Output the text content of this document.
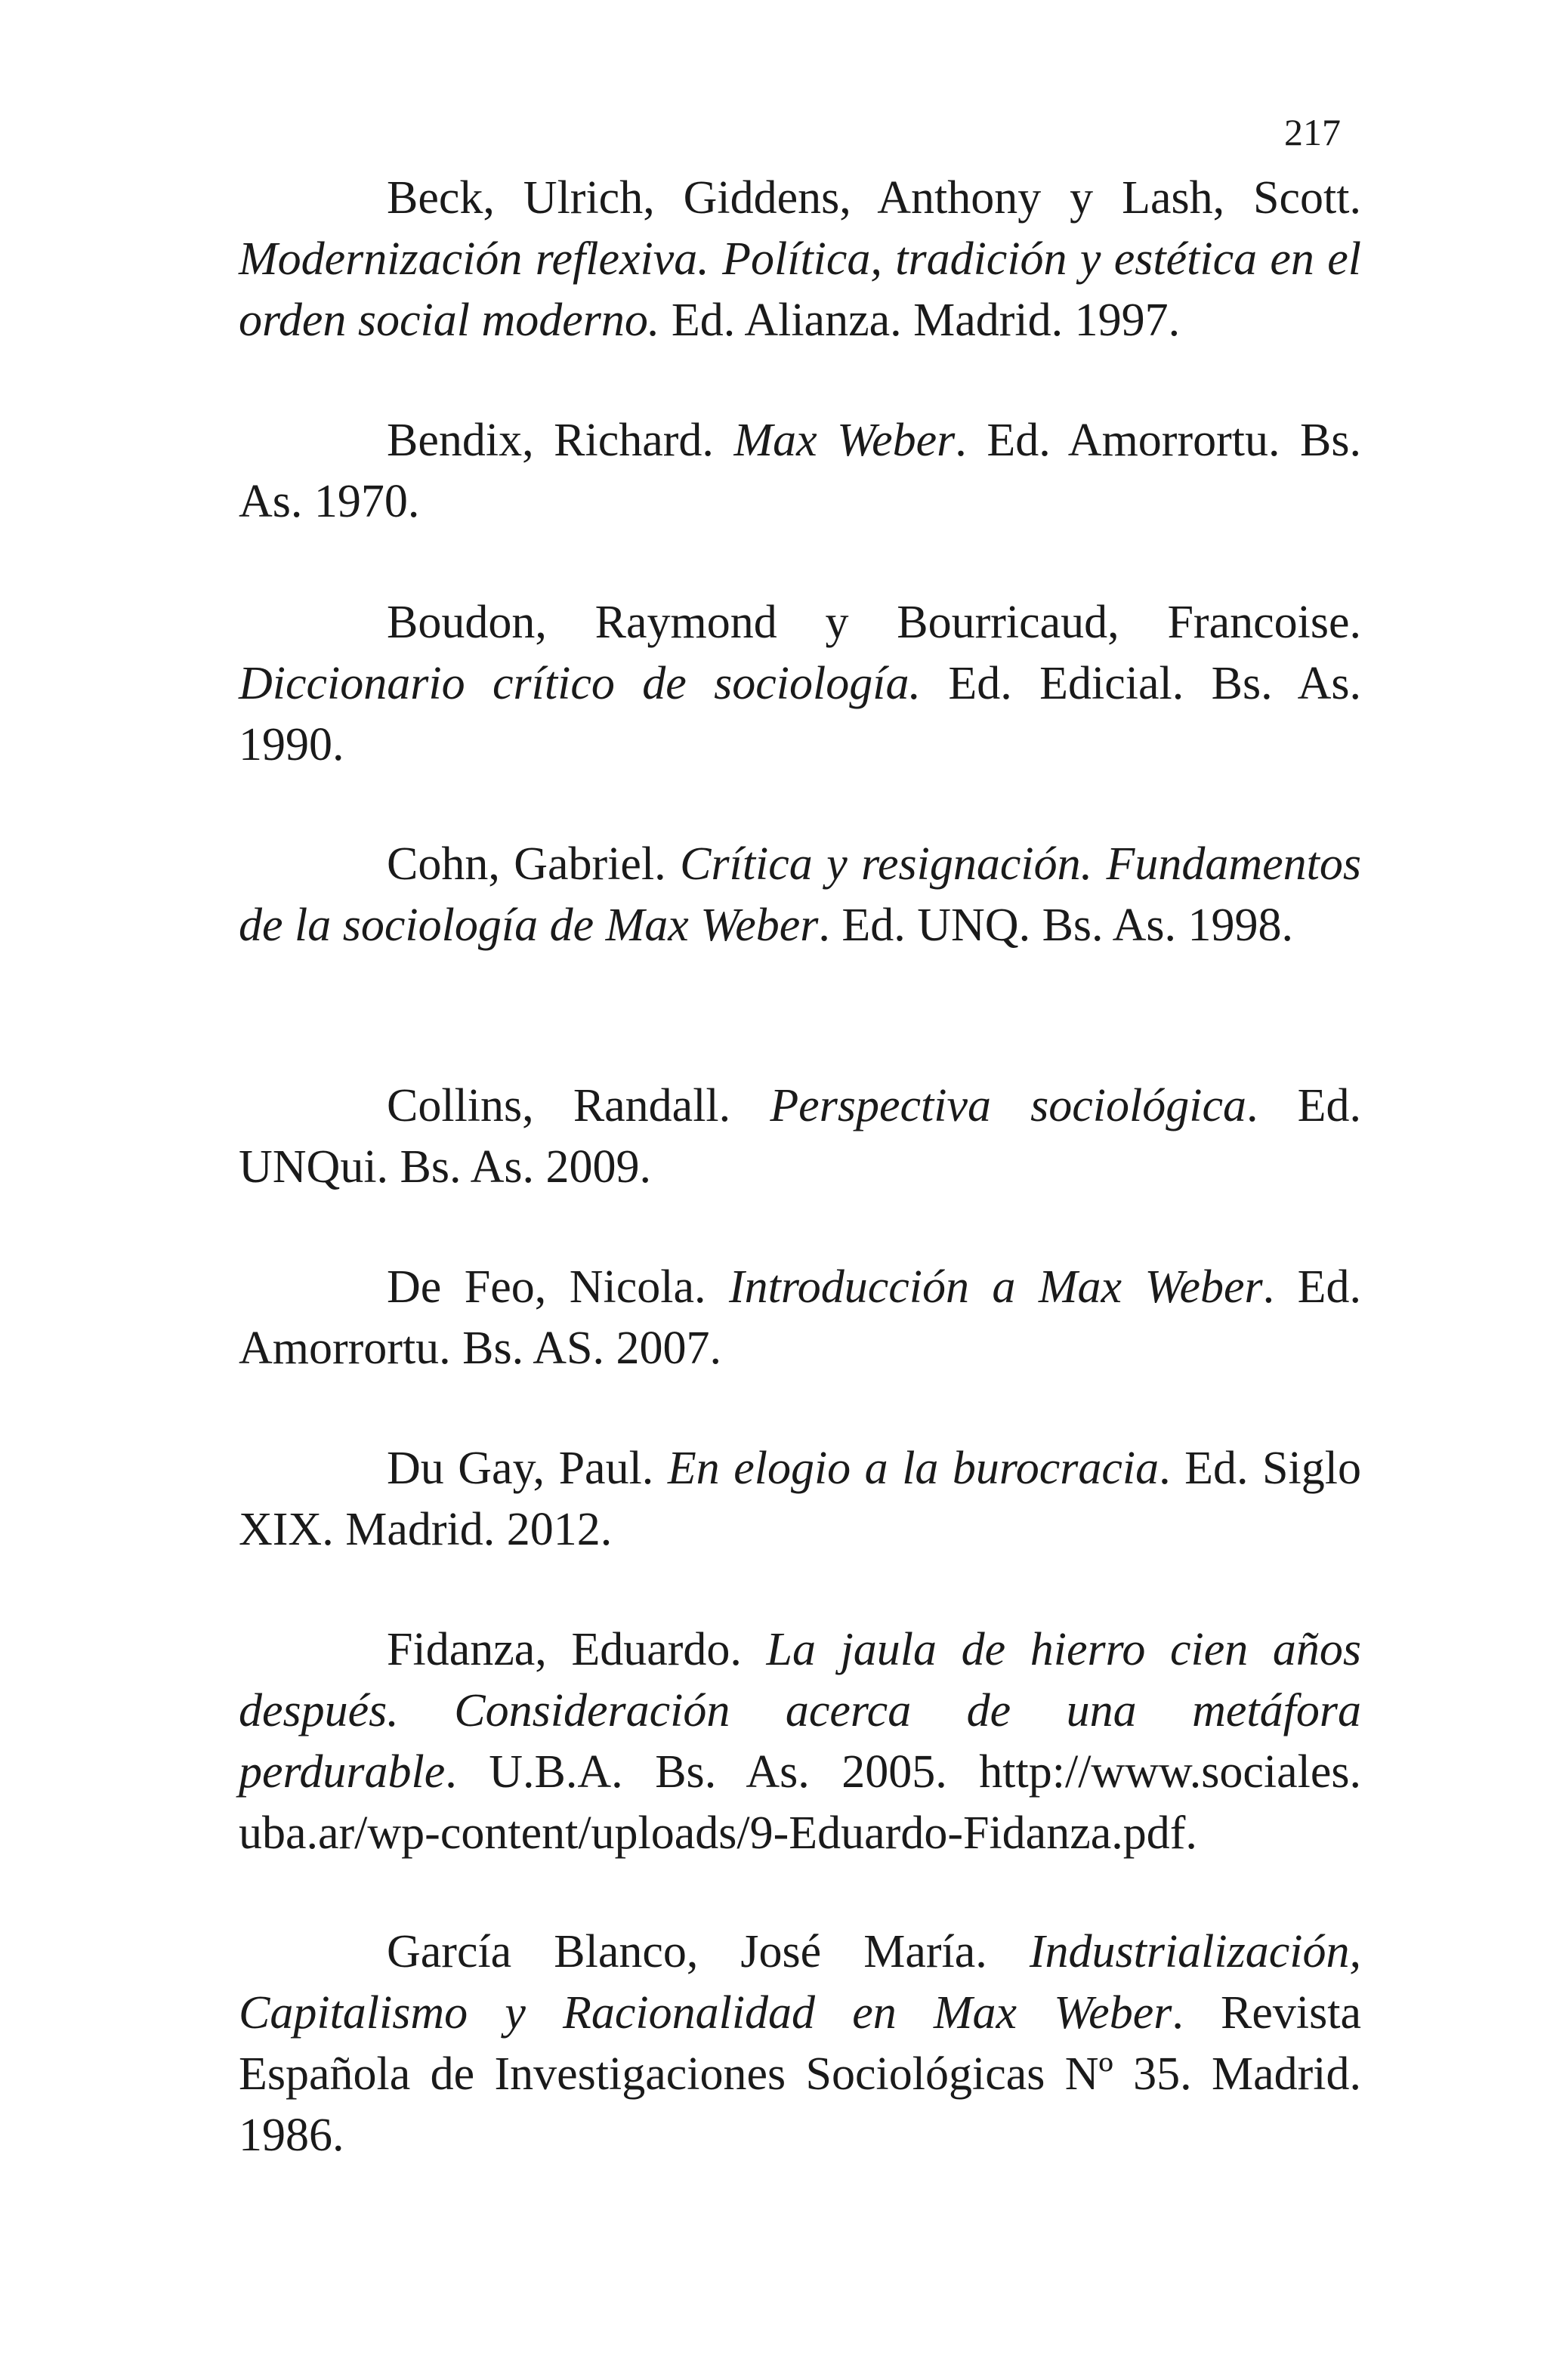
217

Beck, Ulrich, Giddens, Anthony y Lash, Scott. Modernización reflexiva. Política, tradición y estética en el orden social moderno. Ed. Alianza. Madrid. 1997.

Bendix, Richard. Max Weber. Ed. Amorrortu. Bs. As. 1970.

Boudon, Raymond y Bourricaud, Francoise. Diccionario crítico de sociología. Ed. Edicial. Bs. As. 1990.

Cohn, Gabriel. Crítica y resignación. Fundamentos de la sociología de Max Weber. Ed. UNQ. Bs. As. 1998.

Collins, Randall. Perspectiva sociológica. Ed. UNQui. Bs. As. 2009.

De Feo, Nicola. Introducción a Max Weber. Ed. Amorrortu. Bs. AS. 2007.

Du Gay, Paul. En elogio a la burocracia. Ed. Siglo XIX. Madrid. 2012.

Fidanza, Eduardo. La jaula de hierro cien años después. Consideración acerca de una metáfora perdurable. U.B.A. Bs. As. 2005. http://www.sociales. uba.ar/wp-content/uploads/9-Eduardo-Fidanza.pdf.

García Blanco, José María. Industrialización, Capitalismo y Racionalidad en Max Weber. Revista Española de Investigaciones Sociológicas Nº 35. Madrid. 1986.
